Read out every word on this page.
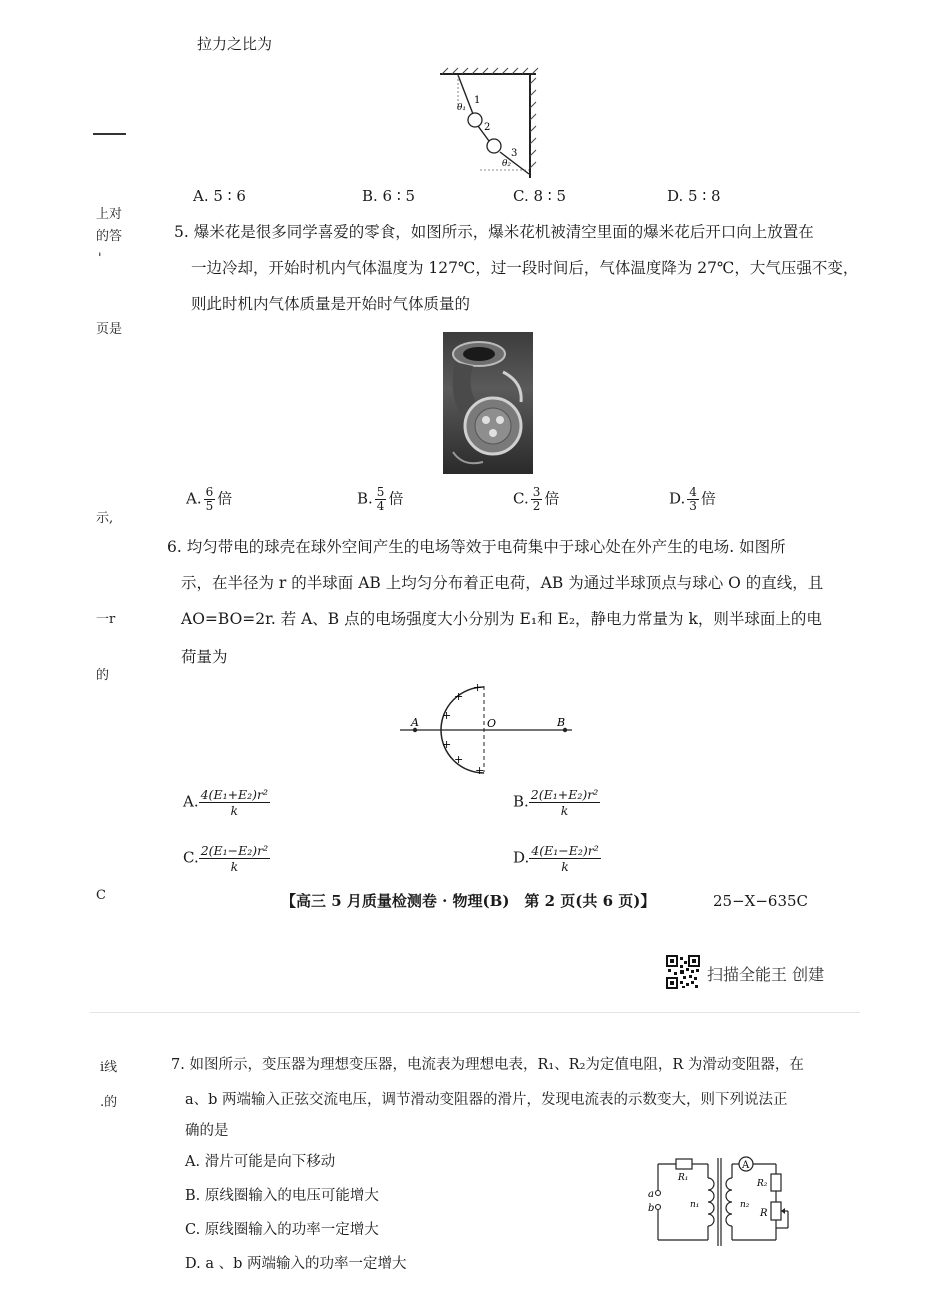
拉力之比为
θ₁
θ₂
1
2
3
A. 5 ∶ 6	B. 6 ∶ 5	C. 8 ∶ 5	D. 5 ∶ 8
上对
的答
'
页是
示,
一r
的
C
5. 爆米花是很多同学喜爱的零食，如图所示，爆米花机被清空里面的爆米花后开口向上放置在
一边冷却，开始时机内气体温度为 127℃，过一段时间后，气体温度降为 27℃，大气压强不变，
则此时机内气体质量是开始时气体质量的
A. $\frac{6}{5}$ 倍	B. $\frac{5}{4}$ 倍	C. $\frac{3}{2}$ 倍	D. $\frac{4}{3}$ 倍
6. 均匀带电的球壳在球外空间产生的电场等效于电荷集中于球心处在外产生的电场. 如图所
示，在半径为 r 的半球面 AB 上均匀分布着正电荷，AB 为通过半球顶点与球心 O 的直线，且
AO=BO=2r. 若 A、B 点的电场强度大小分别为 E₁和 E₂，静电力常量为 k，则半球面上的电
荷量为
A	O	B
+
+
+
+
+
+
A. $\frac{\text{4(E₁+E₂)r²}}{k}$	B. $\frac{\text{2(E₁+E₂)r²}}{k}$
C. $\frac{\text{2(E₁−E₂)r²}}{k}$	D. $\frac{\text{4(E₁−E₂)r²}}{k}$
【高三 5 月质量检测卷 · 物理(B)　第 2 页(共 6 页)】	25−X−635C
扫描全能王 创建
i线
.的
7. 如图所示，变压器为理想变压器，电流表为理想电表，R₁、R₂为定值电阻，R 为滑动变阻器，在
a、b 两端输入正弦交流电压，调节滑动变阻器的滑片，发现电流表的示数变大，则下列说法正
确的是
A. 滑片可能是向下移动
B. 原线圈输入的电压可能增大
C. 原线圈输入的功率一定增大
D. a 、b 两端输入的功率一定增大
a
b
R₁
A
R₂
R
n₁	n₂
